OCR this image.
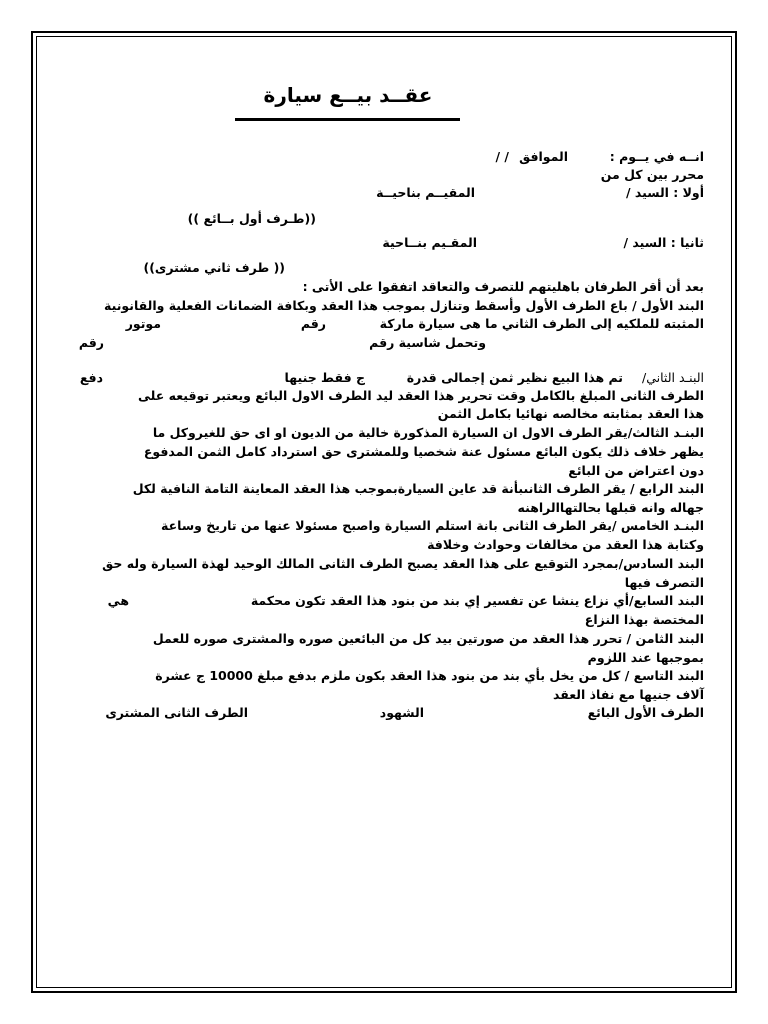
عقــد بيــع سيارة
انــه في يــوم :
الموافق
/ /
محرر بين كل من
أولا : السيد /
المقيــم بناحيــة
((طـرف أول بــائع ))
ثانيا : السيد /
المقـيم بنــاحية
(( طرف ثاني مشترى))
بعد أن أقر الطرفان باهليتهم للتصرف والتعاقد اتفقوا على الأتى :
البند الأول / باع الطرف الأول وأسقط وتنازل بموجب هذا العقد وبكافة الضمانات الفعلية والقانونية
المثبته للملكيه إلى الطرف الثاني ما هى سيارة ماركة
رقم
موتور
رقم	وتحمل شاسية رقم
البنـد الثاني/
تم هذا البيع نظير ثمن إجمالى قدرة
ج فقط جنيها
دفع
الطرف الثانى المبلغ بالكامل وقت تحرير هذا العقد ليد الطرف الاول البائع ويعتبر توقيعه على
هذا العقد بمثابته مخالصه نهائيا بكامل الثمن
البنـد الثالث/يقر الطرف الاول ان السيارة المذكورة خالية من الديون او اى حق للغيروكل ما
يظهر خلاف ذلك يكون البائع مسئول عنة شخصيا وللمشترى حق استرداد كامل الثمن المدفوع
دون اعتراض من البائع
البند الرابع / يقر الطرف الثانىبأنة قد عاين السيارةبموجب هذا العقد المعاينة التامة النافية لكل
جهاله وانه قبلها بحالتهاالراهنه
البنـد الخامس /يقر الطرف الثانى بانة استلم السيارة واصبح مسئولا عنها من تاريخ وساعة
وكتابة هذا العقد من مخالفات وحوادث وخلافة
البند السادس/بمجرد التوقيع على هذا العقد يصبح الطرف الثانى المالك الوحيد لهذة السيارة وله حق
التصرف فيها
البند السابع/أي نزاع ينشا عن تفسير إي بند من بنود هذا العقد تكون محكمة
هي
المختصة بهذا النزاع
البند الثامن / تحرر هذا العقد من صورتين بيد كل من البائعين صوره والمشترى صوره للعمل
بموجبها عند اللزوم
البند التاسع / كل من يخل بأي بند من بنود هذا العقد بكون ملزم بدفع مبلغ 10000 ج عشرة
آلاف جنيها مع نفاذ العقد
الطرف الأول البائع
الشهود
الطرف الثانى المشترى
